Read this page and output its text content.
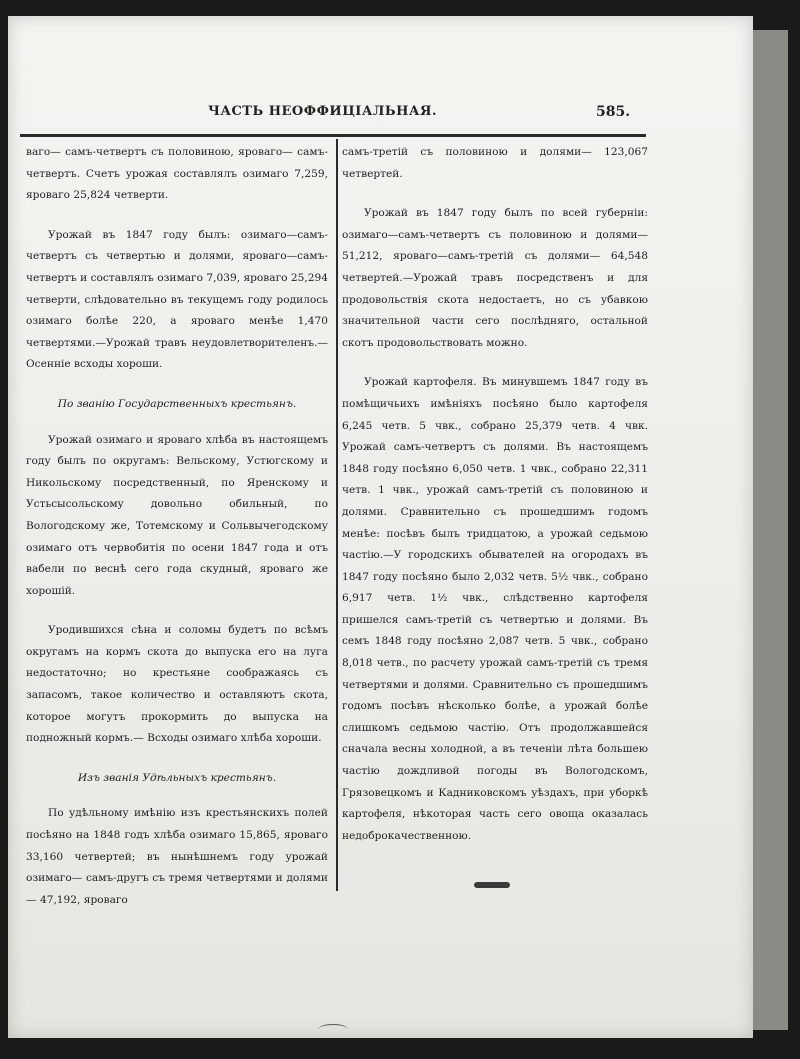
ЧАСТЬ НЕОФФИЦІАЛЬНАЯ.	585.

ваго— самъ-четвертъ съ половиною, яроваго— самъ-четвертъ. Счетъ урожая составлялъ озимаго 7,259, яроваго 25,824 четверти.

Урожай въ 1847 году былъ: озимаго—самъ-четвертъ съ четвертью и долями, яроваго—самъ-четвертъ и составлялъ озимаго 7,039, яроваго 25,294 четверти, слѣдовательно въ текущемъ году родилось озимаго болѣе 220, а яроваго менѣе 1,470 четвертями.—Урожай травъ неудовлетворителенъ.—Осеннiе всходы хороши.

По званію Государственныхъ крестьянъ.

Урожай озимаго и яроваго хлѣба въ настоящемъ году былъ по округамъ: Вельскому, Устюгскому и Никольскому посредственный, по Яренскому и Устьсысольскому довольно обильный, по Вологодскому же, Тотемскому и Сольвычегодскому озимаго отъ червобитія по осени 1847 года и отъ вабели по веснѣ сего года скудный, яроваго же хорошій.

Уродившихся сѣна и соломы будетъ по всѣмъ округамъ на кормъ скота до выпуска его на луга недостаточно; но крестьяне соображаясь съ запасомъ, такое количество и оставляютъ скота, которое могутъ прокормить до выпуска на подножный кормъ.— Всходы озимаго хлѣба хороши.

Изъ званія Удѣльныхъ крестьянъ.

По удѣльному имѣнію изъ крестьянскихъ полей посѣяно на 1848 годъ хлѣба озимаго 15,865, яроваго 33,160 четвертей; въ нынѣшнемъ году урожай озимаго— самъ-другъ съ тремя четвертями и долями— 47,192, яроваго

самъ-третій съ половиною и долями— 123,067 четвертей.

Урожай въ 1847 году былъ по всей губерніи: озимаго—самъ-четвертъ съ половиною и долями—51,212, яроваго—самъ-третій съ долями— 64,548 четвертей.—Урожай травъ посредственъ и для продовольствія скота недостаетъ, но съ убавкою значительной части сего послѣдняго, остальной скотъ продовольствовать можно.

Урожай картофеля. Въ минувшемъ 1847 году въ помѣщичьихъ имѣніяхъ посѣяно было картофеля 6,245 четв. 5 чвк., собрано 25,379 четв. 4 чвк. Урожай самъ-четвертъ съ долями. Въ настоящемъ 1848 году посѣяно 6,050 четв. 1 чвк., собрано 22,311 четв. 1 чвк., урожай самъ-третій съ половиною и долями. Сравнительно съ прошедшимъ годомъ менѣе: посѣвъ былъ тридцатою, а урожай седьмою частію.—У городскихъ обывателей на огородахъ въ 1847 году посѣяно было 2,032 четв. 5½ чвк., собрано 6,917 четв. 1½ чвк., слѣдственно картофеля пришелся самъ-третій съ четвертью и долями. Въ семъ 1848 году посѣяно 2,087 четв. 5 чвк., собрано 8,018 четв., по расчету урожай самъ-третій съ тремя четвертями и долями. Сравнительно съ прошедшимъ годомъ посѣвъ нѣсколько болѣе, а урожай болѣе слишкомъ седьмою частію. Отъ продолжавшейся сначала весны холодной, а въ теченіи лѣта большею частію дождливой погоды въ Вологодскомъ, Грязовецкомъ и Кадниковскомъ уѣздахъ, при уборкѣ картофеля, нѣкоторая часть сего овоща оказалась недоброкачественною.
